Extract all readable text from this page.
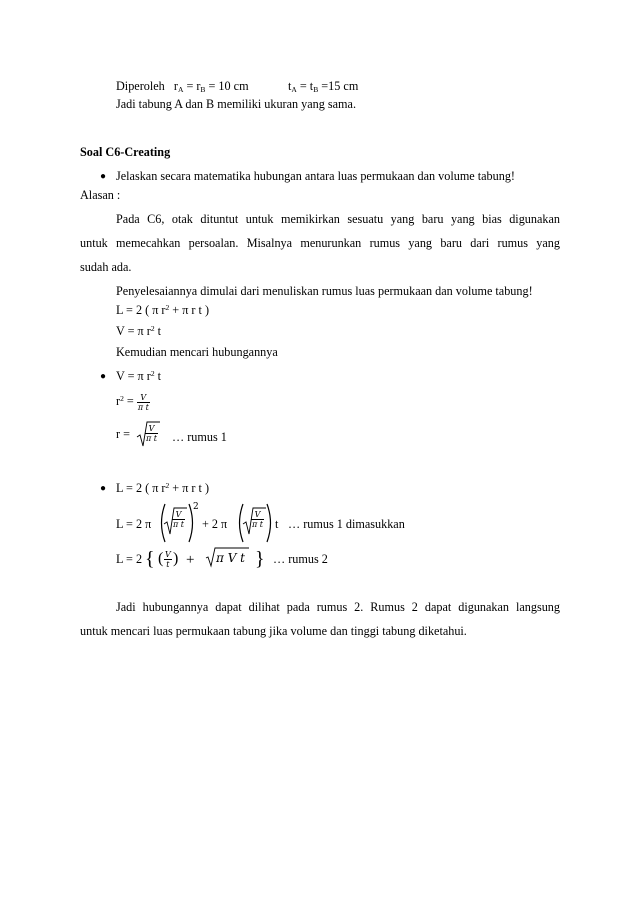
Diperoleh $r_A = r_B = 10$ cm	$t_A = t_B =15$ cm
Jadi tabung A dan B memiliki ukuran yang sama.
Soal C6-Creating
● Jelaskan secara matematika hubungan antara luas permukaan dan volume tabung!
Alasan :
Pada C6, otak dituntut untuk memikirkan sesuatu yang baru yang bias digunakan
untuk memecahkan persoalan. Misalnya menurunkan rumus yang baru dari rumus yang
sudah ada.
Penyelesaiannya dimulai dari menuliskan rumus luas permukaan dan volume tabung!
L = 2 ( π $r^2 + \pi$ r t )
V = π $r^2$ t
Kemudian mencari hubungannya
● V = π $r^2$ t
$r^2 = \frac{V}{\text{π t}}$
$r = \frac{V}{\text{π t}}$ … rumus 1
● L = 2 ( π $r^2 + \pi$ r t )
L = 2 π	$\frac{V}{\text{π t}}$
2
+ 2 π	$\frac{V}{\text{π t}}$ t … rumus 1 dimasukkan
L = 2 { ( $\frac{V}{t}$ ) + π V t } … rumus 2
Jadi hubungannya dapat dilihat pada rumus 2. Rumus 2 dapat digunakan langsung
untuk mencari luas permukaan tabung jika volume dan tinggi tabung diketahui.
